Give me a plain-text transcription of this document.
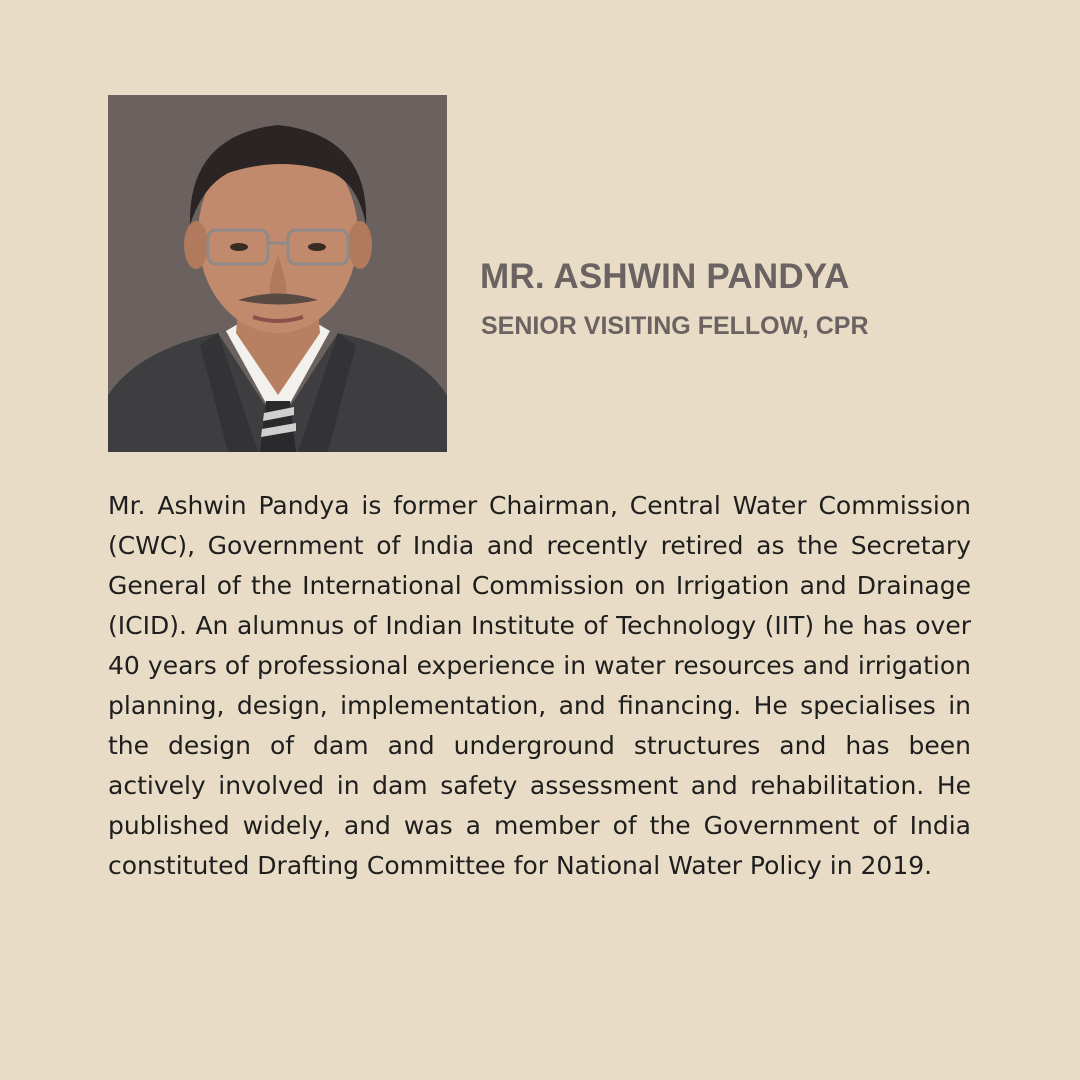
MR. ASHWIN PANDYA
SENIOR VISITING FELLOW, CPR

Mr. Ashwin Pandya is former Chairman, Central Water Commission (CWC), Government of India and recently retired as the Secretary General of the International Commission on Irrigation and Drainage (ICID). An alumnus of Indian Institute of Technology (IIT) he has over 40 years of professional experience in water resources and irrigation planning, design, implementation, and financing. He specialises in the design of dam and underground structures and has been actively involved in dam safety assessment and rehabilitation. He published widely, and was a member of the Government of India constituted Drafting Committee for National Water Policy in 2019.
